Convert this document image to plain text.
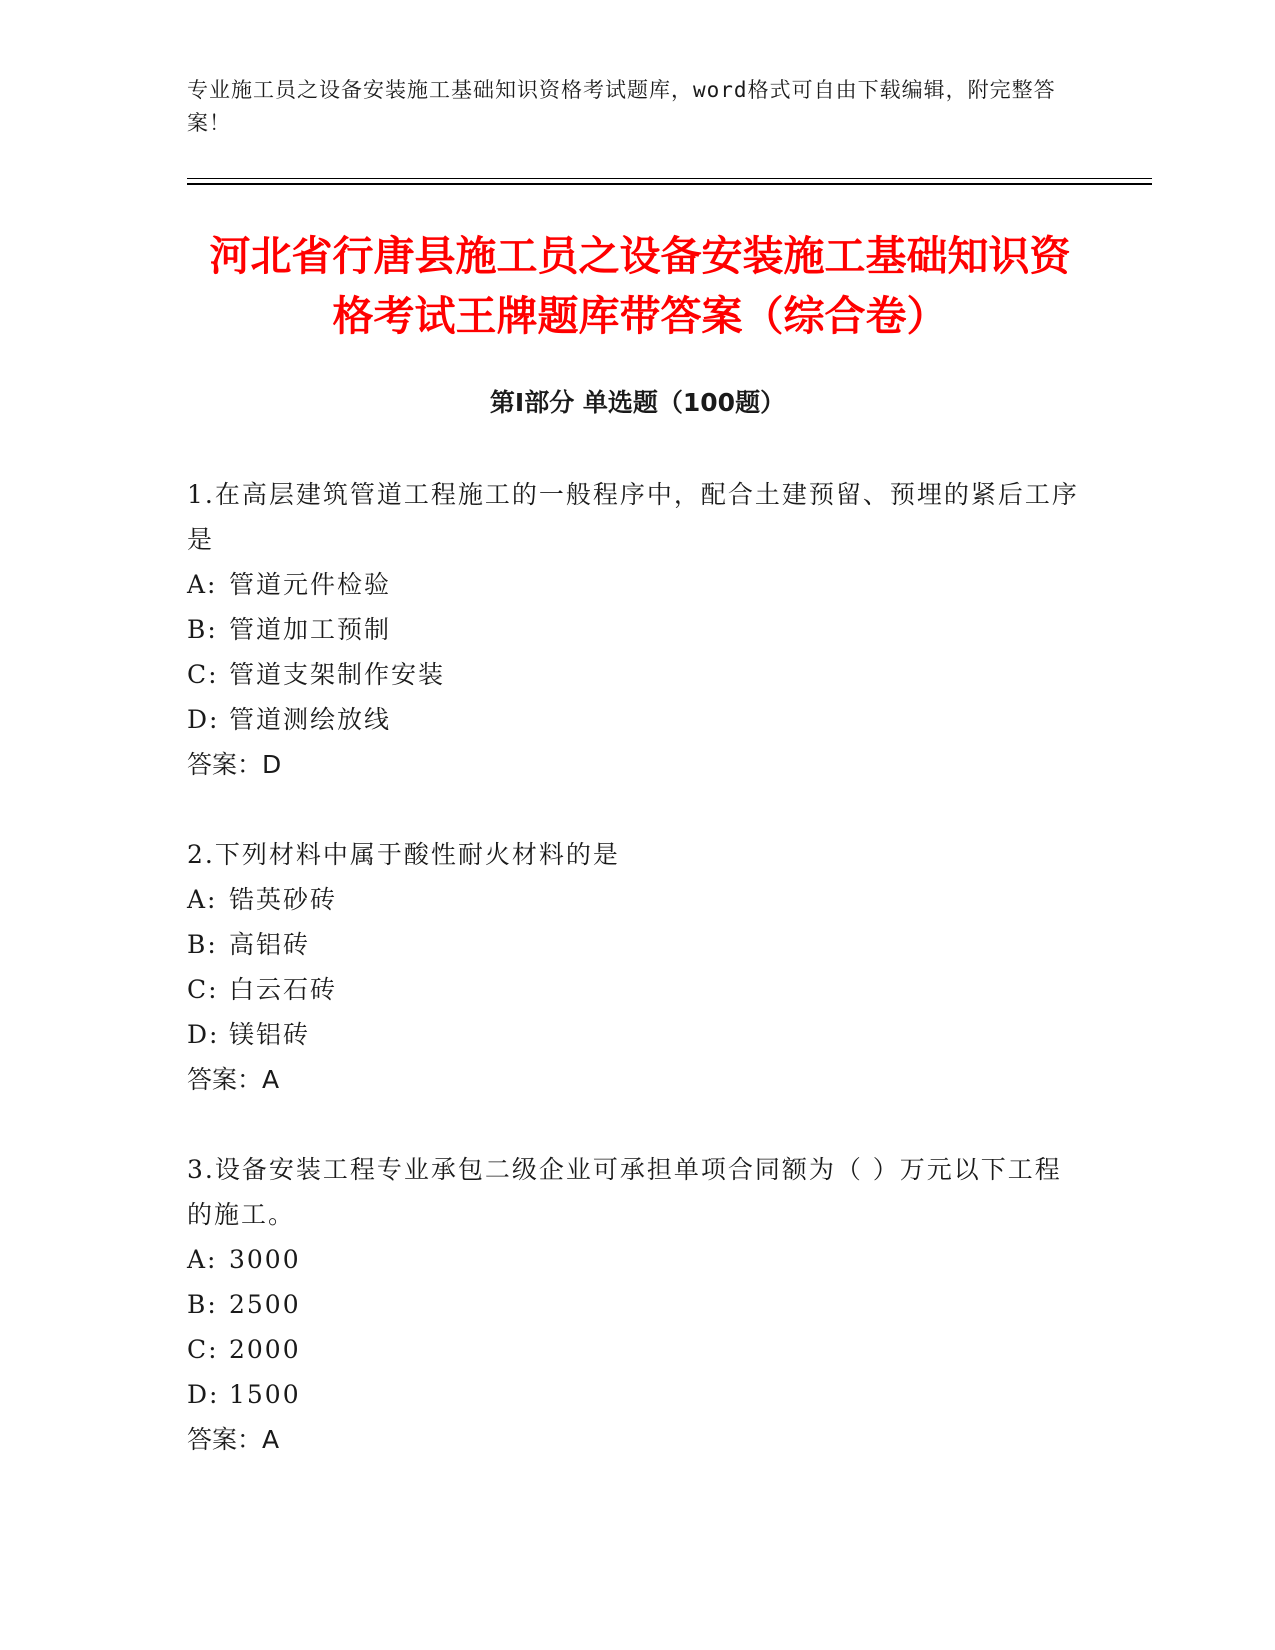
专业施工员之设备安装施工基础知识资格考试题库，word格式可自由下载编辑，附完整答案！
河北省行唐县施工员之设备安装施工基础知识资格考试王牌题库带答案（综合卷）
第I部分 单选题（100题）

1.在高层建筑管道工程施工的一般程序中，配合土建预留、预埋的紧后工序是

A: 管道元件检验

B: 管道加工预制

C: 管道支架制作安装

D: 管道测绘放线

答案：D

2.下列材料中属于酸性耐火材料的是

A: 锆英砂砖

B: 高铝砖

C: 白云石砖

D: 镁铝砖

答案：A

3.设备安装工程专业承包二级企业可承担单项合同额为（ ）万元以下工程的施工。

A: 3000

B: 2500

C: 2000

D: 1500

答案：A
